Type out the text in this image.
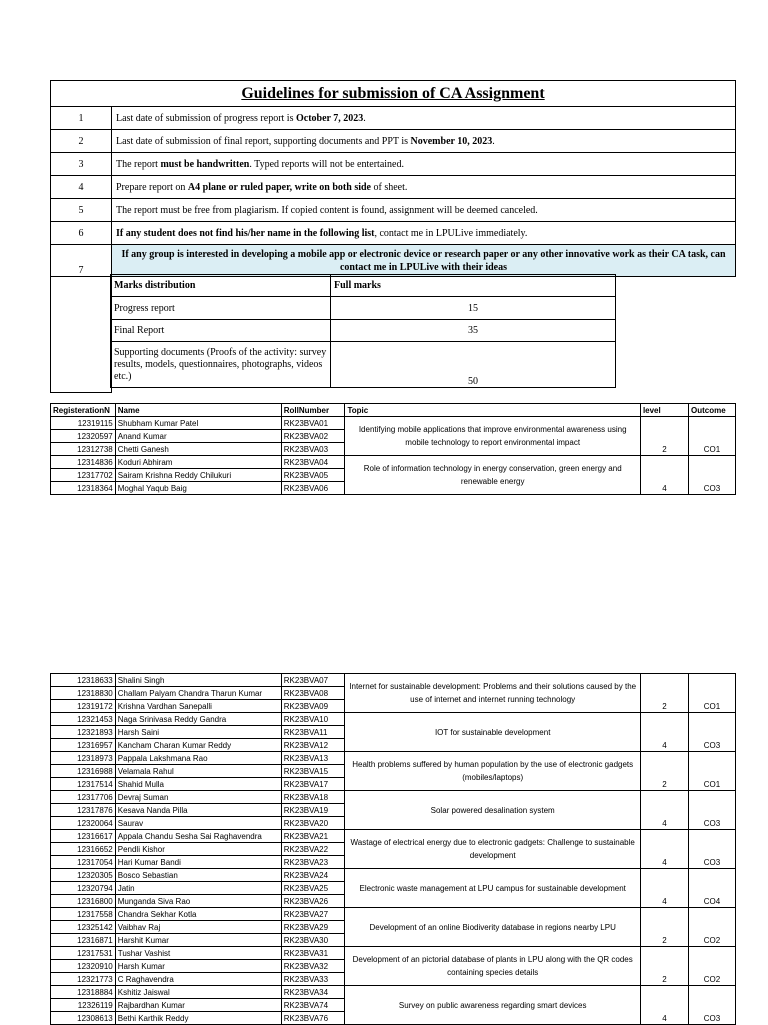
Guidelines for submission of CA Assignment	
1	Last date of submission of progress report is October 7, 2023.
2	Last date of submission of final report, supporting documents and PPT is November 10, 2023.
3	The report must be handwritten. Typed reports will not be entertained.
4	Prepare report on A4 plane or ruled paper, write on both side of sheet.
5	The report must be free from plagiarism. If copied content is found, assignment will be deemed canceled.
6	If any student does not find his/her name in the following list, contact me in LPULive immediately.
7	If any group is interested in developing a mobile app or electronic device or research paper or any other innovative work as their CA task, can contact me in LPULive with their ideas

Marks distribution	Full marks
Progress report	15
Final Report	35
Supporting documents (Proofs of the activity: survey results, models, questionnaires, photographs, videos etc.)	50
RegisterationN	Name	RollNumber	Topic	level	Outcome
12319115	Shubham Kumar Patel	RK23BVA01	Identifying mobile applications that improve environmental awareness using mobile technology to report environmental impact	2	CO1
12320597	Anand Kumar	RK23BVA02			
12312738	Chetti Ganesh	RK23BVA03			
12314836	Koduri Abhiram	RK23BVA04	Role of information technology in energy conservation, green energy and renewable energy	4	CO3
12317702	Sairam Krishna Reddy Chilukuri	RK23BVA05			
12318364	Moghal Yaqub Baig	RK23BVA06			
12318633	Shalini Singh	RK23BVA07	Internet for sustainable development: Problems and their solutions caused by the use of internet and internet running technology	2	CO1
12318830	Challam Palyam Chandra Tharun Kumar	RK23BVA08			
12319172	Krishna Vardhan Sanepalli	RK23BVA09			
12321453	Naga Srinivasa Reddy Gandra	RK23BVA10	IOT for sustainable development	4	CO3
12321893	Harsh Saini	RK23BVA11			
12316957	Kancham Charan Kumar Reddy	RK23BVA12			
12318973	Pappala Lakshmana Rao	RK23BVA13	Health problems suffered by human population by the use of electronic gadgets (mobiles/laptops)	2	CO1
12316988	Velamala Rahul	RK23BVA15			
12317514	Shahid Mulla	RK23BVA17			
12317706	Devraj Suman	RK23BVA18	Solar powered desalination system	4	CO3
12317876	Kesava Nanda Pilla	RK23BVA19			
12320064	Saurav	RK23BVA20			
12316617	Appala Chandu Sesha Sai Raghavendra	RK23BVA21	Wastage of electrical energy due to electronic gadgets: Challenge to sustainable development	4	CO3
12316652	Pendli Kishor	RK23BVA22			
12317054	Hari Kumar Bandi	RK23BVA23			
12320305	Bosco Sebastian	RK23BVA24	Electronic waste management at LPU campus for sustainable development	4	CO4
12320794	Jatin	RK23BVA25			
12316800	Munganda Siva Rao	RK23BVA26			
12317558	Chandra Sekhar Kotla	RK23BVA27	Development of an online Biodiverity database in regions nearby LPU	2	CO2
12325142	Vaibhav Raj	RK23BVA29			
12316871	Harshit Kumar	RK23BVA30			
12317531	Tushar Vashist	RK23BVA31	Development of an pictorial database of plants in LPU along with the QR codes containing species details	2	CO2
12320910	Harsh Kumar	RK23BVA32			
12321773	C Raghavendra	RK23BVA33			
12318884	Kshitiz Jaiswal	RK23BVA34	Survey on public awareness regarding smart devices	4	CO3
12326119	Rajbardhan Kumar	RK23BVA74			
12308613	Bethi Karthik Reddy	RK23BVA76			
